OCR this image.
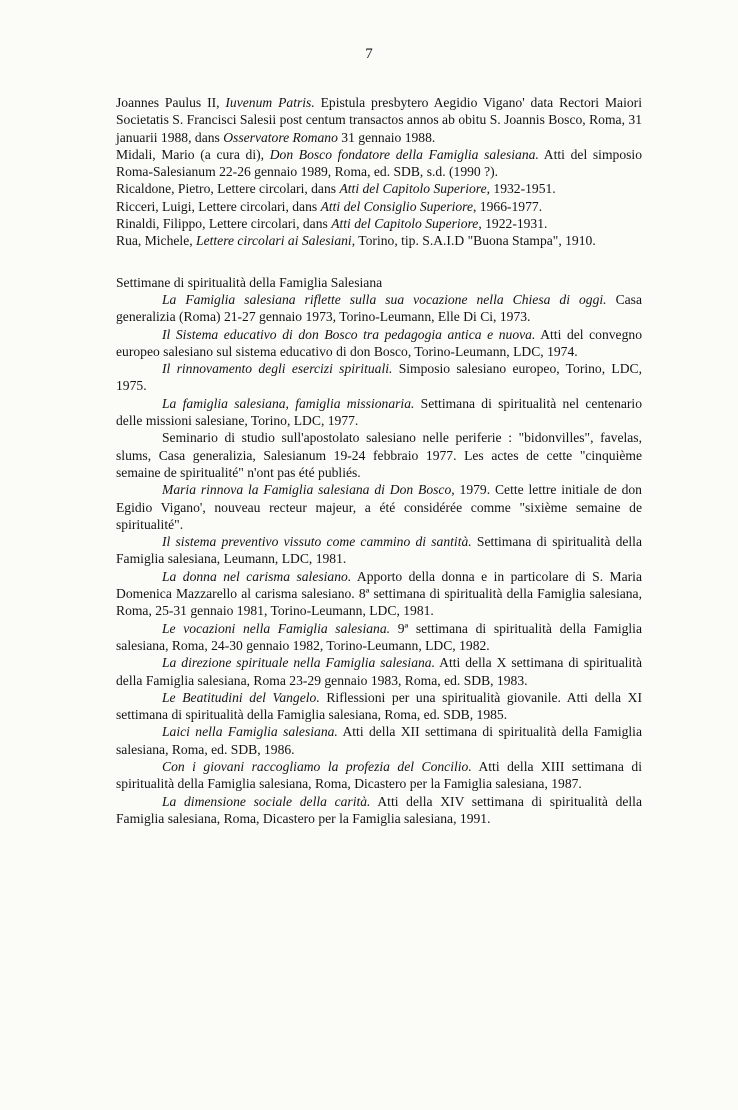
7

Joannes Paulus II, Iuvenum Patris. Epistula presbytero Aegidio Vigano' data Rectori Maiori Societatis S. Francisci Salesii post centum transactos annos ab obitu S. Joannis Bosco, Roma, 31 januarii 1988, dans Osservatore Romano 31 gennaio 1988.

Midali, Mario (a cura di), Don Bosco fondatore della Famiglia salesiana. Atti del simposio Roma-Salesianum 22-26 gennaio 1989, Roma, ed. SDB, s.d. (1990 ?).

Ricaldone, Pietro, Lettere circolari, dans Atti del Capitolo Superiore, 1932-1951.

Ricceri, Luigi, Lettere circolari, dans Atti del Consiglio Superiore, 1966-1977.

Rinaldi, Filippo, Lettere circolari, dans Atti del Capitolo Superiore, 1922-1931.

Rua, Michele, Lettere circolari ai Salesiani, Torino, tip. S.A.I.D "Buona Stampa", 1910.

Settimane di spiritualità della Famiglia Salesiana

La Famiglia salesiana riflette sulla sua vocazione nella Chiesa di oggi. Casa generalizia (Roma) 21-27 gennaio 1973, Torino-Leumann, Elle Di Ci, 1973.

Il Sistema educativo di don Bosco tra pedagogia antica e nuova. Atti del convegno europeo salesiano sul sistema educativo di don Bosco, Torino-Leumann, LDC, 1974.

Il rinnovamento degli esercizi spirituali. Simposio salesiano europeo, Torino, LDC, 1975.

La famiglia salesiana, famiglia missionaria. Settimana di spiritualità nel centenario delle missioni salesiane, Torino, LDC, 1977.

Seminario di studio sull'apostolato salesiano nelle periferie : "bidonvilles", favelas, slums, Casa generalizia, Salesianum 19-24 febbraio 1977. Les actes de cette "cinquième semaine de spiritualité" n'ont pas été publiés.

Maria rinnova la Famiglia salesiana di Don Bosco, 1979. Cette lettre initiale de don Egidio Vigano', nouveau recteur majeur, a été considérée comme "sixième semaine de spiritualité".

Il sistema preventivo vissuto come cammino di santità. Settimana di spiritualità della Famiglia salesiana, Leumann, LDC, 1981.

La donna nel carisma salesiano. Apporto della donna e in particolare di S. Maria Domenica Mazzarello al carisma salesiano. 8ª settimana di spiritualità della Famiglia salesiana, Roma, 25-31 gennaio 1981, Torino-Leumann, LDC, 1981.

Le vocazioni nella Famiglia salesiana. 9ª settimana di spiritualità della Famiglia salesiana, Roma, 24-30 gennaio 1982, Torino-Leumann, LDC, 1982.

La direzione spirituale nella Famiglia salesiana. Atti della X settimana di spiritualità della Famiglia salesiana, Roma 23-29 gennaio 1983, Roma, ed. SDB, 1983.

Le Beatitudini del Vangelo. Riflessioni per una spiritualità giovanile. Atti della XI settimana di spiritualità della Famiglia salesiana, Roma, ed. SDB, 1985.

Laici nella Famiglia salesiana. Atti della XII settimana di spiritualità della Famiglia salesiana, Roma, ed. SDB, 1986.

Con i giovani raccogliamo la profezia del Concilio. Atti della XIII settimana di spiritualità della Famiglia salesiana, Roma, Dicastero per la Famiglia salesiana, 1987.

La dimensione sociale della carità. Atti della XIV settimana di spiritualità della Famiglia salesiana, Roma, Dicastero per la Famiglia salesiana, 1991.
